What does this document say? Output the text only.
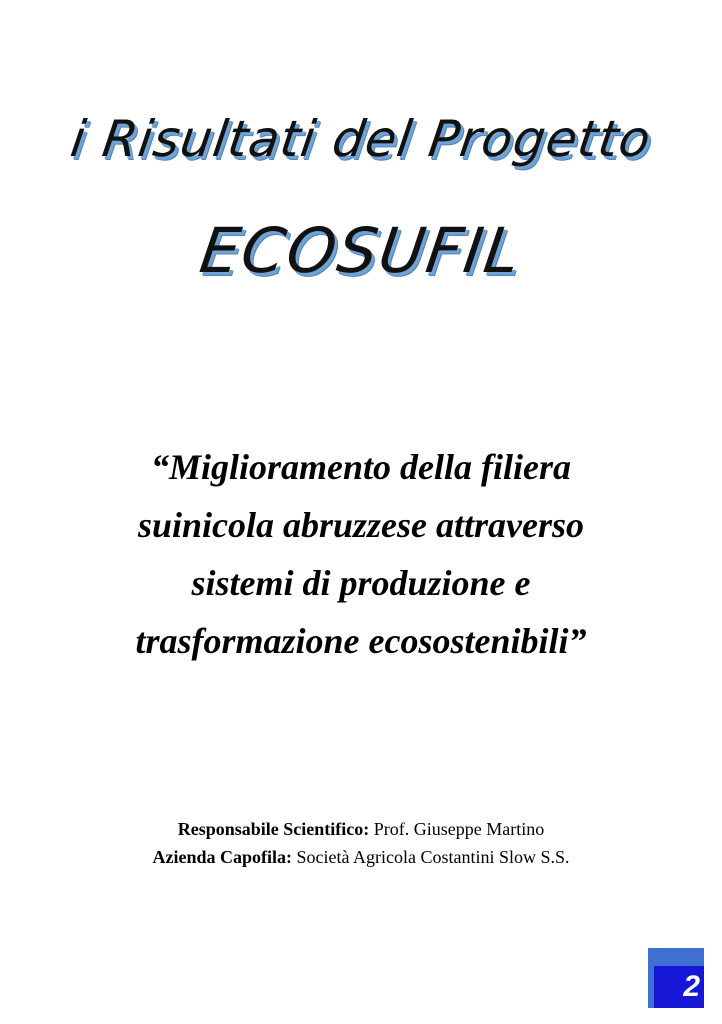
i Risultati del Progetto
ECOSUFIL
“Miglioramento della filiera
suinicola abruzzese attraverso
sistemi di produzione e
trasformazione ecosostenibili”
Responsabile Scientifico: Prof. Giuseppe Martino
Azienda Capofila: Società Agricola Costantini Slow S.S.
2
